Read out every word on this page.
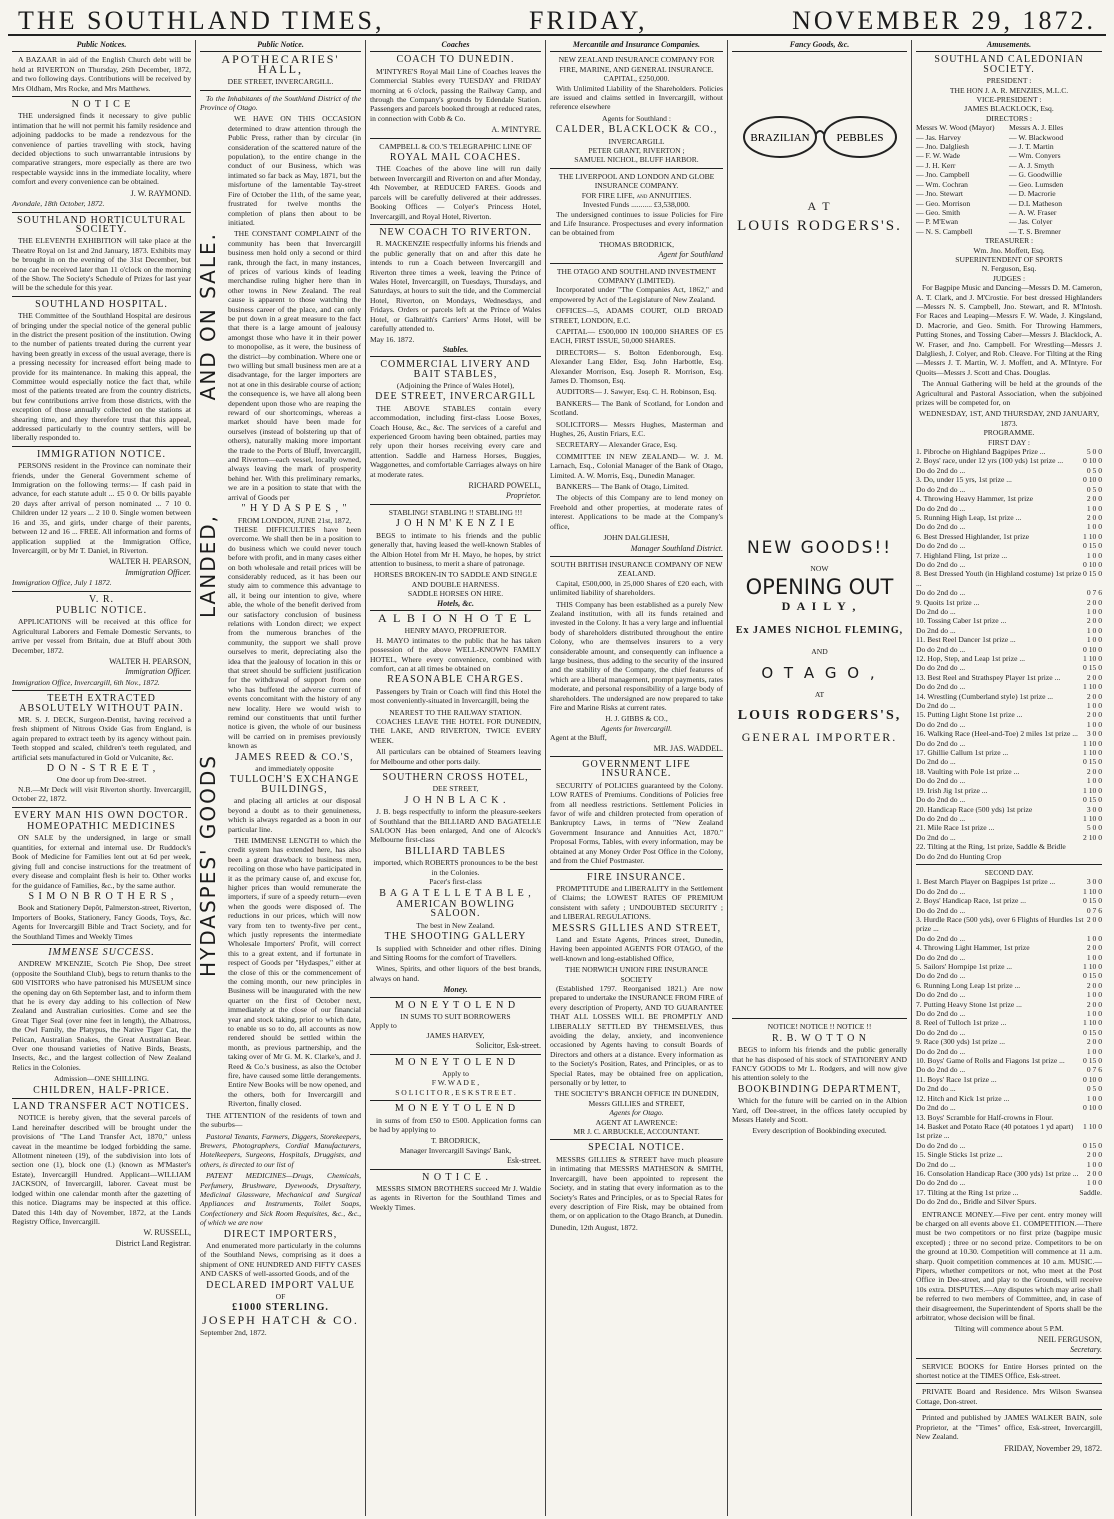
THE SOUTHLAND TIMES,	FRIDAY,	NOVEMBER 29, 1872.
Public Notices.

A BAZAAR in aid of the English Church debt will be held at RIVERTON on Thursday, 26th December, 1872, and two following days. Contributions will be received by Mrs Oldham, Mrs Rocke, and Mrs Matthews.

N O T I C E

THE undersigned finds it necessary to give public intimation that he will not permit his family residence and adjoining paddocks to be made a rendezvous for the convenience of parties travelling with stock, having decided objections to such unwarrantable intrusions by comparative strangers, more especially as there are two respectable waysidc inns in the immediate locality, where comfort and every convenience can be obtained.

J. W. RAYMOND.
Avondale, 18th October, 1872.
SOUTHLAND HORTICULTURAL SOCIETY.

THE ELEVENTH EXHIBITION will take place at the Theatre Royal on 1st and 2nd January, 1873. Exhibits may be brought in on the evening of the 31st December, but none can be received later than 11 o'clock on the morning of the Show. The Society's Schedule of Prizes for last year will be the schedule for this year.

SOUTHLAND HOSPITAL.

THE Committee of the Southland Hospital are desirous of bringing under the special notice of the general public in the district the present position of the institution. Owing to the number of patients treated during the current year having been greatly in excess of the usual average, there is a pressing necessity for increased effort being made to provide for its maintenance. In making this appeal, the Committee would especially notice the fact that, while most of the patients treated are from the country districts, but few contributions arrive from those districts, with the exception of those annually collected on the stations at shearing time, and they therefore trust that this appeal, addressed particularly to the country settlers, will be liberally responded to.

IMMIGRATION NOTICE.

PERSONS resident in the Province can nominate their friends, under the General Government scheme of Immigration on the following terms:— If cash paid in advance, for each statute adult ... £5 0 0. Or bills payable 20 days after arrival of person nominated ... 7 10 0. Children under 12 years ... 2 10 0. Single women between 16 and 35, and girls, under charge of their parents, between 12 and 16 ... FREE. All information and forms of application supplied at the Immigration Office, Invercargill, or by Mr T. Daniel, in Riverton.

WALTER H. PEARSON,
Immigration Officer.
Immigration Office, July 1 1872.
V. R.
PUBLIC NOTICE.

APPLICATIONS will be received at this office for Agricultural Laborers and Female Domestic Servants, to arrive per vessel from Britain, due at Bluff about 30th December, 1872.

WALTER H. PEARSON,
Immigration Officer.
Immigration Office, Invercargill, 6th Nov., 1872.
TEETH EXTRACTED ABSOLUTELY WITHOUT PAIN.

MR. S. J. DECK, Surgeon-Dentist, having received a fresh shipment of Nitrous Oxide Gas from England, is again prepared to extract teeth by its agency without pain. Teeth stopped and scaled, children's teeth regulated, and artificial sets manufactured in Gold or Vulcanite, &c.

D O N - S T R E E T ,
One door up from Dee-street.

N.B.—Mr Deck will visit Riverton shortly. Invercargill, October 22, 1872.

EVERY MAN HIS OWN DOCTOR.
HOMEOPATHIC MEDICINES

ON SALE by the undersigned, in large or small quantities, for external and internal use. Dr Ruddock's Book of Medicine for Families lent out at 6d per week, giving full and concise instructions for the treatment of every disease and complaint flesh is heir to. Other works for the guidance of Families, &c., by the same author.

S I M O N B R O T H E R S ,

Book and Stationery Depôt, Palmerston-street, Riverton, Importers of Books, Stationery, Fancy Goods, Toys, &c. Agents for Invercargill Bible and Tract Society, and for the Southland Times and Weekly Times

IMMENSE SUCCESS.

ANDREW M'KENZIE, Scotch Pie Shop, Dee street (opposite the Southland Club), begs to return thanks to the 600 VISITORS who have patronised his MUSEUM since the opening day on 6th September last, and to inform them that he is every day adding to his collection of New Zealand and Australian curiosities. Come and see the Great Tiger Seal (over nine feet in length), the Albatross, the Owl Family, the Platypus, the Native Tiger Cat, the Pelican, Australian Snakes, the Great Australian Bear. Over one thousand varieties of Native Birds, Beasts, Insects, &c., and the largest collection of New Zealand Relics in the Colonies.

Admission—ONE SHILLING.
CHILDREN, HALF-PRICE.
LAND TRANSFER ACT NOTICES.

NOTICE is hereby given, that the several parcels of Land hereinafter described will be brought under the provisions of "The Land Transfer Act, 1870," unless caveat in the meantime be lodged forbidding the same. Allotment nineteen (19), of the subdivision into lots of section one (1), block one (I.) (known as M'Master's Estate), Invercargill Hundred. Applicant—WILLIAM JACKSON, of Invercargill, laborer. Caveat must be lodged within one calendar month after the gazetting of this notice. Diagrams may be inspected at this office. Dated this 14th day of November, 1872, at the Lands Registry Office, Invercargill.

W. RUSSELL,
District Land Registrar.
Public Notice.
APOTHECARIES' HALL,
DEE STREET, INVERCARGILL.

To the Inhabitants of the Southland District of the Province of Otago.

AND ON SALE.
LANDED,
HYDASPES' GOODS

WE HAVE ON THIS OCCASION determined to draw attention through the Public Press, rather than by circular (in consideration of the scattered nature of the population), to the entire change in the conduct of our Business, which was intimated so far back as May, 1871, but the misfortune of the lamentable Tay-street Fire of October the 11th, of the same year, frustrated for twelve months the completion of plans then about to be initiated.

THE CONSTANT COMPLAINT of the community has been that Invercargill business men hold only a second or third rank, through the fact, in many instances, of prices of various kinds of leading merchandise ruling higher here than in other towns in New Zealand. The real cause is apparent to those watching the business career of the place, and can only be put down in a great measure to the fact that there is a large amount of jealousy amongst those who have it in their power to monopolise, as it were, the business of the district—by combination. Where one or two willing but small business men are at a disadvantage, for the larger importers are not at one in this desirable course of action; the consequence is, we have all along been dependent upon those who are reaping the reward of our shortcomings, whereas a market should have been made for ourselves (instead of bolstering up that of others), naturally making more important the trade to the Ports of Bluff, Invercargill, and Riverton—each vessel, locally owned, always leaving the mark of prosperity behind her. With this preliminary remarks, we are in a position to state that with the arrival of Goods per

" H Y D A S P E S , "
FROM LONDON, JUNE 21st, 1872,

THESE DIFFICULTIES have been overcome. We shall then be in a position to do business which we could never touch before with profit, and in many cases either on both wholesale and retail prices will be considerably reduced, as it has been our study aim to commence this advantage to all, it being our intention to give, where able, the whole of the benefit derived from our satisfactory conclusion of business relations with London direct; we expect from the numerous branches of the community, the support we shall prove ourselves to merit, depreciating also the idea that the jealousy of location in this or that street should be sufficient justification for the withdrawal of support from one who has buffeted the adverse current of events concomitant with the history of any new locality. Here we would wish to remind our constituents that until further notice is given, the whole of our business will be carried on in premises previously known as

JAMES REED & CO.'S,
and immediately opposite
TULLOCH'S EXCHANGE BUILDINGS,

and placing all articles at our disposal beyond a doubt as to their genuineness, which is always regarded as a boon in our particular line.

THE IMMENSE LENGTH to which the credit system has extended here, has also been a great drawback to business men, recoiling on those who have participated in it as the primary cause of, and excuse for, higher prices than would remunerate the importers, if sure of a speedy return—even when the goods were disposed of. The reductions in our prices, which will now vary from ten to twenty-five per cent., which justly represents the intermediate Wholesale Importers' Profit, will correct this to a great extent, and if fortunate in respect of Goods per "Hydaspes," either at the close of this or the commencement of the coming month, our new principles in Business will be inaugurated with the new quarter on the first of October next, immediately at the close of our financial year and stock taking, prior to which date, to enable us so to do, all accounts as now rendered should be settled within the month, as previous partnership, and the taking over of Mr G. M. K. Clarke's, and J. Reed & Co.'s business, as also the October fire, have caused some little derangements. Entire New Books will be now opened, and the others, both for Invercargill and Riverton, finally closed.

THE ATTENTION of the residents of town and the suburbs—

Pastoral Tenants, Farmers, Diggers, Storekeepers, Brewers, Photographers, Cordial Manufacturers, Hotelkeepers, Surgeons, Hospitals, Druggists, and others, is directed to our list of

PATENT MEDICINES—Drugs, Chemicals, Perfumery, Brushware, Dyewoods, Drysaltery, Medicinal Glassware, Mechanical and Surgical Appliances and Instruments, Toilet Soaps, Confectionery and Sick Room Requisites, &c., &c., of which we are now

DIRECT IMPORTERS,

And enumerated more particularly in the columns of the Southland News, comprising as it does a shipment of ONE HUNDRED AND FIFTY CASES AND CASKS of well-assorted Goods, and of the

DECLARED IMPORT VALUE
OF
£1000 STERLING.
JOSEPH HATCH & CO.
September 2nd, 1872.
Coaches
COACH TO DUNEDIN.

M'INTYRE'S Royal Mail Line of Coaches leaves the Commercial Stables every TUESDAY and FRIDAY morning at 6 o'clock, passing the Railway Camp, and through the Company's grounds by Edendale Station. Passengers and parcels booked through at reduced rates, in connection with Cobb & Co.

A. M'INTYRE.
CAMPBELL & CO.'S TELEGRAPHIC LINE OF
ROYAL MAIL COACHES.

THE Coaches of the above line will run daily between Invercargill and Riverton on and after Monday, 4th November, at REDUCED FARES. Goods and parcels will be carefully delivered at their addresses. Booking Offices — Colyer's Princess Hotel, Invercargill, and Royal Hotel, Riverton.

NEW COACH TO RIVERTON.

R. MACKENZIE respectfully informs his friends and the public generally that on and after this date he intends to run a Coach between Invercargill and Riverton three times a week, leaving the Prince of Wales Hotel, Invercargill, on Tuesdays, Thursdays, and Saturdays, at hours to suit the tide, and the Commercial Hotel, Riverton, on Mondays, Wednesdays, and Fridays. Orders or parcels left at the Prince of Wales Hotel, or Galbraith's Carriers' Arms Hotel, will be carefully attended to.

May 16. 1872.
Stables.
COMMERCIAL LIVERY AND BAIT STABLES,
(Adjoining the Prince of Wales Hotel),
DEE STREET, INVERCARGILL

THE ABOVE STABLES contain every accommodation, including first-class Loose Boxes, Coach House, &c., &c. The services of a careful and experienced Groom having been obtained, parties may rely upon their horses receiving every care and attention. Saddle and Harness Horses, Buggies, Waggonettes, and comfortable Carriages always on hire at moderate rates.

RICHARD POWELL,
Proprietor.
STABLING! STABLING !! STABLING !!!
J O H N M' K E N Z I E

BEGS to intimate to his friends and the public generally that, having leased the well-known Stables of the Albion Hotel from Mr H. Mayo, he hopes, by strict attention to business, to merit a share of patronage.

HORSES BROKEN-IN TO SADDLE AND SINGLE AND DOUBLE HARNESS.
SADDLE HORSES ON HIRE.
Hotels, &c.
A L B I O N H O T E L
HENRY MAYO, PROPRIETOR.

H. MAYO intimates to the public that he has taken possession of the above WELL-KNOWN FAMILY HOTEL, Where every convenience, combined with comfort, can at all times be obtained on

REASONABLE CHARGES.

Passengers by Train or Coach will find this Hotel the most conveniently-situated in Invercargill, being the

NEAREST TO THE RAILWAY STATION.

COACHES LEAVE THE HOTEL FOR DUNEDIN, THE LAKE, AND RIVERTON, TWICE EVERY WEEK.

All particulars can be obtained of Steamers leaving for Melbourne and other ports daily.

SOUTHERN CROSS HOTEL,
DEE STREET,
J O H N B L A C K .

J. B. begs respectfully to inform the pleasure-seekers of Southland that the BILLIARD AND BAGATELLE SALOON Has been enlarged, And one of Alcock's Melbourne first-class

BILLIARD TABLES
imported, which ROBERTS pronounces to be the best in the Colonies.
Pacer's first-class
B A G A T E L L E T A B L E ,
AMERICAN BOWLING SALOON.
The best in New Zealand.
THE SHOOTING GALLERY

Is supplied with Schneider and other rifles. Dining and Sitting Rooms for the comfort of Travellers.

Wines, Spirits, and other liquors of the best brands, always on hand.

Money.
M O N E Y T O L E N D
IN SUMS TO SUIT BORROWERS
Apply to
JAMES HARVEY,
Solicitor, Esk-street.
M O N E Y T O L E N D
Apply to
F W. W A D E ,
S O L I C I T O R , E S K S T R E E T .
M O N E Y T O L E N D

in sums of from £50 to £500. Application forms can be had by applying to

T. BRODRICK,
Manager Invercargill Savings' Bank,
Esk-street.
N O T I C E .

MESSRS SIMON BROTHERS succeed Mr J. Waldie as agents in Riverton for the Southland Times and Weekly Times.

Mercantile and Insurance Companies.
NEW ZEALAND INSURANCE COMPANY FOR FIRE, MARINE, AND GENERAL INSURANCE.
CAPITAL, £250,000.

With Unlimited Liability of the Shareholders. Policies are issued and claims settled in Invercargill, without reference elsewhere

Agents for Southland :
CALDER, BLACKLOCK & CO.,
INVERCARGILL
PETER GRANT, RIVERTON ;
SAMUEL NICHOL, BLUFF HARBOR.
THE LIVERPOOL AND LONDON AND GLOBE INSURANCE COMPANY.
FOR FIRE LIFE, and ANNUITIES.
Invested Funds ........... £3,538,000.

The undersigned continues to issue Policies for Fire and Life Insurance. Prospectuses and every information can be obtained from

THOMAS BRODRICK,
Agent for Southland
THE OTAGO AND SOUTHLAND INVESTMENT COMPANY (LIMITED).

Incorporated under "The Companies Act, 1862," and empowered by Act of the Legislature of New Zealand.

OFFICES—5, ADAMS COURT, OLD BROAD STREET, LONDON, E.C.

CAPITAL— £500,000 IN 100,000 SHARES OF £5 EACH, FIRST ISSUE, 50,000 SHARES.

DIRECTORS— S. Bolton Edenborough, Esq. Alexander Lang Elder, Esq. John Harbottle, Esq. Alexander Morrison, Esq. Joseph R. Morrison, Esq. James D. Thomson, Esq.

AUDITORS— J. Sawyer, Esq. C. H. Robinson, Esq.

BANKERS— The Bank of Scotland, for London and Scotland.

SOLICITORS— Messrs Hughes, Masterman and Hughes, 26, Austin Friars, E.C.

SECRETARY— Alexander Grace, Esq.

COMMITTEE IN NEW ZEALAND— W. J. M. Larnach, Esq., Colonial Manager of the Bank of Otago, Limited. A. W. Morris, Esq., Dunedin Manager.

BANKERS— The Bank of Otago, Limited.

The objects of this Company are to lend money on Freehold and other properties, at moderate rates of interest. Applications to be made at the Company's office,

JOHN DALGLIESH,
Manager Southland District.
SOUTH BRITISH INSURANCE COMPANY OF NEW ZEALAND.

Capital, £500,000, in 25,000 Shares of £20 each, with unlimited liability of shareholders.

THIS Company has been established as a purely New Zealand institution, with all its funds retained and invested in the Colony. It has a very large and influential body of shareholders distributed throughout the entire Colony, who are themselves insurers to a very considerable amount, and consequently can influence a large business, thus adding to the security of the insured and the stability of the Company, the chief features of which are a liberal management, prompt payments, rates moderate, and personal responsibility of a large body of shareholders. The undersigned are now prepared to take Fire and Marine Risks at current rates.

H. J. GIBBS & CO.,
Agents for Invercargill.
Agent at the Bluff,
MR. JAS. WADDEL.
GOVERNMENT LIFE INSURANCE.

SECURITY of POLICIES guaranteed by the Colony. LOW RATES of Premiums. Conditions of Policies free from all needless restrictions. Settlement Policies in favor of wife and children protected from operation of Bankruptcy Laws, in terms of "New Zealand Government Insurance and Annuities Act, 1870." Proposal Forms, Tables, with every information, may be obtained at any Money Order Post Office in the Colony, and from the Chief Postmaster.

FIRE INSURANCE.

PROMPTITUDE and LIBERALITY in the Settlement of Claims; the LOWEST RATES OF PREMIUM consistent with safety ; UNDOUBTED SECURITY ; and LIBERAL REGULATIONS.

MESSRS GILLIES AND STREET,

Land and Estate Agents, Princes street, Dunedin, Having been appointed AGENTS FOR OTAGO, of the well-known and long-established Office,

THE NORWICH UNION FIRE INSURANCE SOCIETY

(Established 1797. Reorganised 1821.) Are now prepared to undertake the INSURANCE FROM FIRE of every description of Property, AND TO GUARANTEE THAT ALL LOSSES WILL BE PROMPTLY AND LIBERALLY SETTLED BY THEMSELVES, thus avoiding the delay, anxiety, and inconvenience occasioned by Agents having to consult Boards of Directors and others at a distance. Every information as to the Society's Position, Rates, and Principles, or as to Special Rates, may be obtained free on application, personally or by letter, to

THE SOCIETY'S BRANCH OFFICE IN DUNEDIN,
Messrs GILLIES and STREET,
Agents for Otago.
AGENT AT LAWRENCE:
MR J. C. ARBUCKLE, ACCOUNTANT.
SPECIAL NOTICE.

MESSRS GILLIES & STREET have much pleasure in intimating that MESSRS MATHESON & SMITH, Invercargill, have been appointed to represent the Society, and in stating that every information as to the Society's Rates and Principles, or as to Special Rates for every description of Fire Risk, may be obtained from them, or on application to the Otago Branch, at Dunedin.

Dunedin, 12th August, 1872.
Fancy Goods, &c.
BRAZILIAN PEBBLES
A T
LOUIS RODGERS'S.
NEW GOODS!!
NOW
OPENING OUT
D A I L Y ,
Ex JAMES NICHOL FLEMING,
AND
O T A G O ,
AT
LOUIS RODGERS'S,
GENERAL IMPORTER.
NOTICE! NOTICE !! NOTICE !!
R. B. W O T T O N

BEGS to inform his friends and the public generally that he has disposed of his stock of STATIONERY AND FANCY GOODS to Mr L. Rodgers, and will now give his attention solely to the

BOOKBINDING DEPARTMENT,

Which for the future will be carried on in the Albion Yard, off Dee-street, in the offices lately occupied by Messrs Hately and Scott.

Every description of Bookbinding executed.
Amusements.
SOUTHLAND CALEDONIAN SOCIETY.
PRESIDENT :
THE HON J. A. R. MENZIES, M.L.C.
VICE-PRESIDENT :
JAMES BLACKLOCK, Esq.
DIRECTORS :
Messrs W. Wood (Mayor)
— Jas. Harvey
— Jno. Dalgliesh
— F. W. Wade
— J. H. Kerr
— Jno. Campbell
— Wm. Cochran
— Jno. Stewart
— Geo. Morrison
— Geo. Smith
— P. M'Ewan
— N. S. Campbell
Messrs A. J. Elles
— W. Blackwood
— J. T. Martin
— Wm. Conyers
— A. J. Smyth
— G. Goodwillie
— Geo. Lumsden
— D. Macrorie
— D.L Matheson
— A. W. Fraser
— Jas. Colyer
— T. S. Bremner
TREASURER :
Wm. Jno. Moffett, Esq.
SUPERINTENDENT OF SPORTS
N. Ferguson, Esq.
JUDGES :

For Bagpipe Music and Dancing—Messrs D. M. Cameron, A. T. Clark, and J. M'Crostie. For best dressed Highlanders—Messrs N. S. Campbell, Jno. Stewart, and R. M'Intosh. For Races and Leaping—Messrs F. W. Wade, J. Kingsland, D. Macrorie, and Geo. Smith. For Throwing Hammers, Putting Stones, and Tossing Caber—Messrs J. Blacklock, A. W. Fraser, and Jno. Campbell. For Wrestling—Messrs J. Dalgliesh, J. Colyer, and Rob. Cleave. For Tilting at the Ring—Messrs J. T. Martin, W. J. Moffett, and A. M'Intyre. For Quoits—Messrs J. Scott and Chas. Douglas.

The Annual Gathering will be held at the grounds of the Agricultural and Pastoral Association, when the subjoined prizes will be competed for, on

WEDNESDAY, 1ST, AND THURSDAY, 2ND JANUARY, 1873.
PROGRAMME.
FIRST DAY :
1. Pibroche on Highland Bagpipes Prize ...	5 0 0
2. Boys' race, under 12 yrs (100 yds) 1st prize ...	0 10 0
Do do 2nd do ...	0 5 0
3. Do, under 15 yrs, 1st prize ...	0 10 0
Do do 2nd do ...	0 5 0
4. Throwing Heavy Hammer, 1st prize	2 0 0
Do do 2nd do ...	1 0 0
5. Running High Leap, 1st prize ...	2 0 0
Do do 2nd do ...	1 0 0
6. Best Dressed Highlander, 1st prize	1 10 0
Do do 2nd do ...	0 15 0
7. Highland Fling, 1st prize ...	1 0 0
Do do 2nd do ...	0 10 0
8. Best Dressed Youth (in Highland costume) 1st prize ...
0 15 0
Do do 2nd do ...	0 7 6
9. Quoits 1st prize ...	2 0 0
Do 2nd do ...	1 0 0
10. Tossing Caber 1st prize ...	2 0 0
Do 2nd do ...	1 0 0
11. Best Reel Dancer 1st prize ...	1 0 0
Do do 2nd do ...	0 10 0
12. Hop, Step, and Leap 1st prize ...	1 10 0
Do do 2nd do ...	0 15 0
13. Best Reel and Strathspey Player 1st prize ...	2 0 0
Do do 2nd do ...	1 10 0
14. Wrestling (Cumberland style) 1st prize ...	2 0 0
Do 2nd do ...	1 0 0
15. Putting Light Stone 1st prize ...	2 0 0
Do do 2nd do ...	1 0 0
16. Walking Race (Heel-and-Toe) 2 miles 1st prize ... 3 0 0
Do do 2nd do ...	1 10 0
17. Ghillie Callum 1st prize ...	1 10 0
Do 2nd do ...	0 15 0
18. Vaulting with Pole 1st prize ...	2 0 0
Do do 2nd do ...	1 0 0
19. Irish Jig 1st prize ...	1 10 0
Do do 2nd do ...	0 15 0
20. Handicap Race (500 yds) 1st prize	3 0 0
Do do 2nd do ...	1 10 0
21. Mile Race 1st prize ...	5 0 0
Do 2nd do ...	2 10 0
22. Tilting at the Ring, 1st prize, Saddle & Bridle
Do do 2nd do Hunting Crop
SECOND DAY.
1. Best March Player on Bagpipes 1st prize ...	3 0 0
Do do 2nd do ...	1 10 0
2. Boys' Handicap Race, 1st prize ...	0 15 0
Do do 2nd do ...	0 7 6
3. Hurdle Race (500 yds), over 6 Flights of Hurdles 1st prize ...
2 0 0
Do do 2nd do ...	1 0 0
4. Throwing Light Hammer, 1st prize	2 0 0
Do do 2nd do ...	1 0 0
5. Sailors' Hornpipe 1st prize ...	1 10 0
Do do 2nd do ...	0 15 0
6. Running Long Leap 1st prize ...	2 0 0
Do do 2nd do ...	1 0 0
7. Putting Heavy Stone 1st prize ...	2 0 0
Do do 2nd do ...	1 0 0
8. Reel of Tulloch 1st prize ...	1 10 0
Do do 2nd do ...	0 15 0
9. Race (300 yds) 1st prize ...	2 0 0
Do do 2nd do ...	1 0 0
10. Boys' Game of Rolls and Fiagons 1st prize ... 0 15 0
Do do 2nd do ...	0 7 6
11. Boys' Race 1st prize ...	0 10 0
Do 2nd do ...	0 5 0
12. Hitch and Kick 1st prize ...	1 0 0
Do 2nd do ...	0 10 0
13. Boys' Scramble for Half-crowns in Flour.
14. Basket and Potato Race (40 potatoes 1 yd apart) 1st prize ...
1 10 0
Do do 2nd do ...	0 15 0
15. Single Sticks 1st prize ...	2 0 0
Do 2nd do ...	1 0 0
16. Consolation Handicap Race (300 yds) 1st prize ... 2 0 0
Do do 2nd do ...	1 0 0
17. Tilting at the Ring 1st prize ...	Saddle.
Do do 2nd do., Bridle and Silver Spurs.

ENTRANCE MONEY.—Five per cent. entry money will be charged on all events above £1. COMPETITION.—There must be two competitors or no first prize (bagpipe music excepted) ; three or no second prize. Competitors to be on the ground at 10.30. Competition will commence at 11 a.m. sharp. Quoit competition commences at 10 a.m. MUSIC.—Pipers, whether competitors or not, who meet at the Post Office in Dee-street, and play to the Grounds, will receive 10s extra. DISPUTES.—Any disputes which may arise shall be referred to two members of Committee, and, in case of their disagreement, the Superintendent of Sports shall be the arbitrator, whose decision will be final.

Tilting will commence about 5 P.M.
NEIL FERGUSON,
Secretary.

SERVICE BOOKS for Entire Horses printed on the shortest notice at the TIMES Office, Esk-street.

PRIVATE Board and Residence. Mrs Wilson Swansea Cottage, Don-street.

Printed and published by JAMES WALKER BAIN, sole Proprietor, at the "Times" office, Esk-street, Invercargill, New Zealand.

FRIDAY, November 29, 1872.
